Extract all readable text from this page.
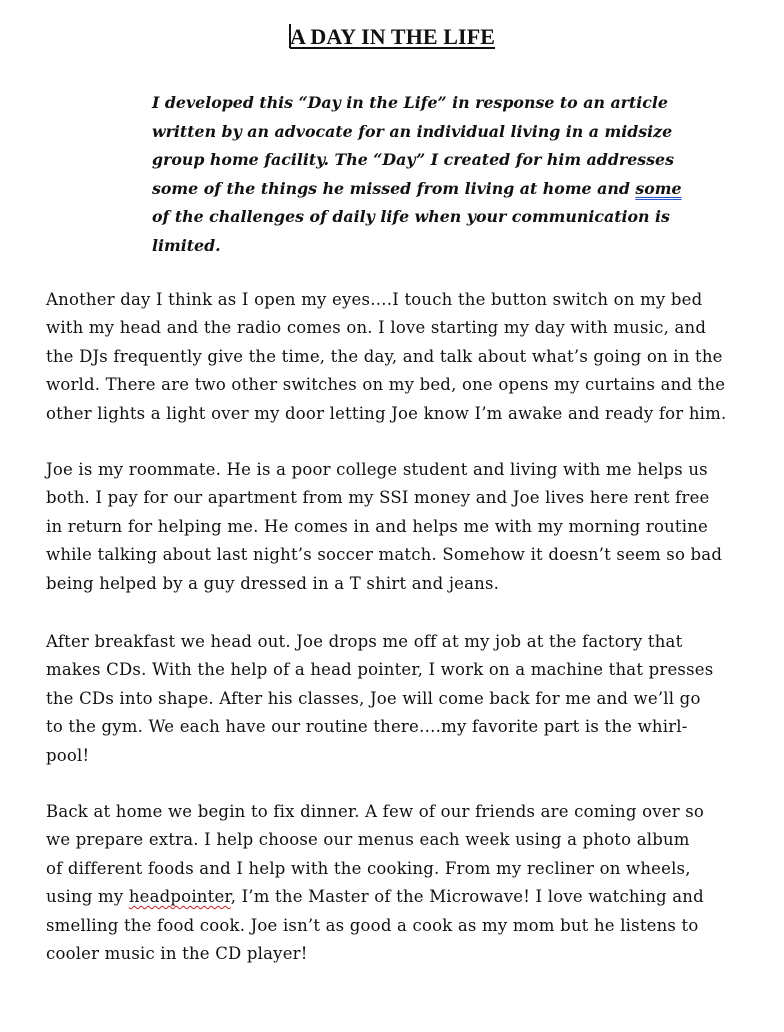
A DAY IN THE LIFE
I developed this “Day in the Life” in response to an article
written by an advocate for an individual living in a midsize
group home facility. The “Day” I created for him addresses
some of the things he missed from living at home and some
of the challenges of daily life when your communication is
limited.
Another day I think as I open my eyes….I touch the button switch on my bed
with my head and the radio comes on. I love starting my day with music, and
the DJs frequently give the time, the day, and talk about what’s going on in the
world. There are two other switches on my bed, one opens my curtains and the
other lights a light over my door letting Joe know I’m awake and ready for him.
Joe is my roommate. He is a poor college student and living with me helps us
both. I pay for our apartment from my SSI money and Joe lives here rent free
in return for helping me. He comes in and helps me with my morning routine
while talking about last night’s soccer match. Somehow it doesn’t seem so bad
being helped by a guy dressed in a T shirt and jeans.
After breakfast we head out. Joe drops me off at my job at the factory that
makes CDs. With the help of a head pointer, I work on a machine that presses
the CDs into shape. After his classes, Joe will come back for me and we’ll go
to the gym. We each have our routine there….my favorite part is the whirl-
pool!
Back at home we begin to fix dinner. A few of our friends are coming over so
we prepare extra. I help choose our menus each week using a photo album
of different foods and I help with the cooking. From my recliner on wheels,
using my headpointer, I’m the Master of the Microwave! I love watching and
smelling the food cook. Joe isn’t as good a cook as my mom but he listens to
cooler music in the CD player!
